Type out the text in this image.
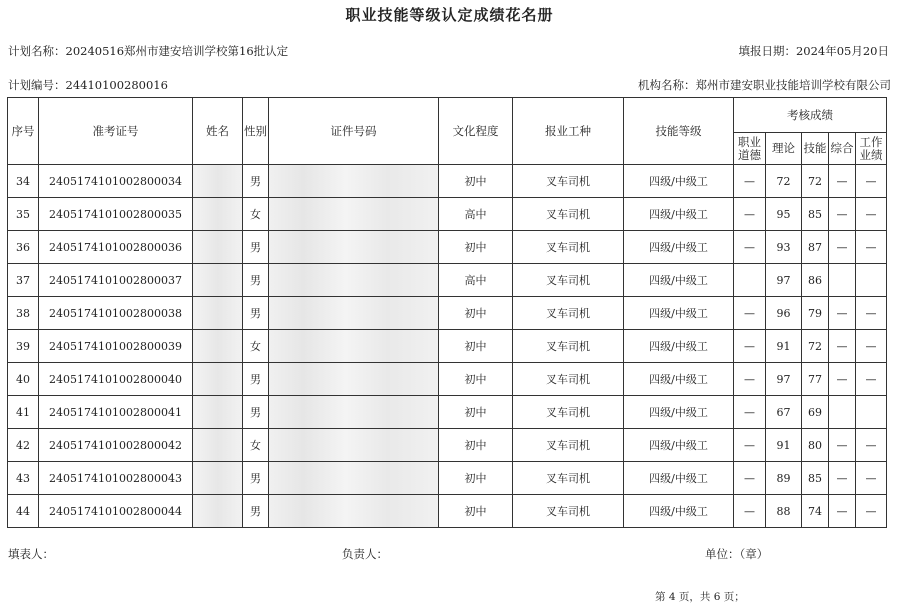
职业技能等级认定成绩花名册
计划名称：20240516郑州市建安培训学校第16批认定	填报日期：2024年05月20日
计划编号：24410100280016	机构名称：郑州市建安职业技能培训学校有限公司
序号	准考证号	姓名	性别	证件号码	文化程度	报业工种	技能等级	考核成绩				
								职业道德	理论	技能	综合	工作业绩
34	2405174101002800034		男		初中	叉车司机	四级/中级工	—	72	72	—	—
35	2405174101002800035		女		高中	叉车司机	四级/中级工	—	95	85	—	—
36	2405174101002800036		男		初中	叉车司机	四级/中级工	—	93	87	—	—
37	2405174101002800037		男		高中	叉车司机	四级/中级工		97	86		
38	2405174101002800038		男		初中	叉车司机	四级/中级工	—	96	79	—	—
39	2405174101002800039		女		初中	叉车司机	四级/中级工	—	91	72	—	—
40	2405174101002800040		男		初中	叉车司机	四级/中级工	—	97	77	—	—
41	2405174101002800041		男		初中	叉车司机	四级/中级工	—	67	69		
42	2405174101002800042		女		初中	叉车司机	四级/中级工	—	91	80	—	—
43	2405174101002800043		男		初中	叉车司机	四级/中级工	—	89	85	—	—
44	2405174101002800044		男		初中	叉车司机	四级/中级工	—	88	74	—	—
填表人：	负责人：	单位：（章）
第 4 页，共 6 页；
